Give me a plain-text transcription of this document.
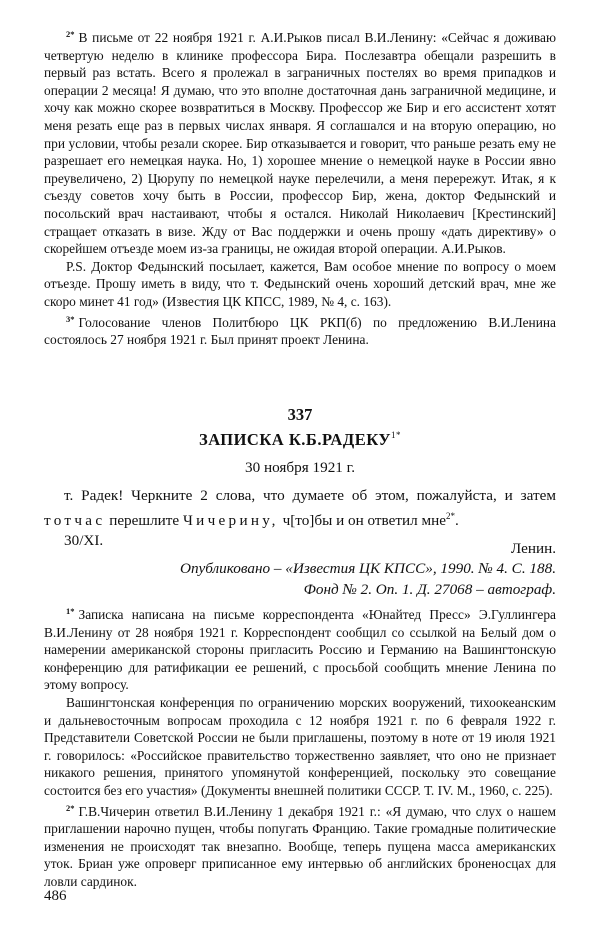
$^{2*}$ В письме от 22 ноября 1921 г. А.И.Рыков писал В.И.Ленину: «Сейчас я доживаю четвертую неделю в клинике профессора Бира. Послезавтра обещали разрешить в первый раз встать. Всего я пролежал в заграничных постелях во время припадков и операции 2 месяца! Я думаю, что это вполне достаточная дань заграничной медицине, и хочу как можно скорее возвратиться в Москву. Профессор же Бир и его ассистент хотят меня резать еще раз в первых числах января. Я соглашался и на вторую операцию, но при условии, чтобы резали скорее. Бир отказывается и говорит, что раньше резать ему не разрешает его немецкая наука. Но, 1) хорошее мнение о немецкой науке в России явно преувеличено, 2) Цюрупу по немецкой науке перелечили, а меня перережут. Итак, я к съезду советов хочу быть в России, профессор Бир, жена, доктор Федынский и посольский врач настаивают, чтобы я остался. Николай Николаевич [Крестинский] стращает отказать в визе. Жду от Вас поддержки и очень прошу «дать директиву» о скорейшем отъезде моем из-за границы, не ожидая второй операции. А.И.Рыков.

P.S. Доктор Федынский посылает, кажется, Вам особое мнение по вопросу о моем отъезде. Прошу иметь в виду, что т. Федынский очень хороший детский врач, мне же скоро минет 41 год» (Известия ЦК КПСС, 1989, № 4, с. 163).

$^{3*}$ Голосование членов Политбюро ЦК РКП(б) по предложению В.И.Ленина состоялось 27 ноября 1921 г. Был принят проект Ленина.

337
ЗАПИСКА $К.Б.РАДЕКУ^{1*}$
30 ноября 1921 г.

т. Радек! Черкните 2 слова, что думаете об этом, пожалуйста, и затем тотчас перешлите Чичерину, ч[то]бы и он ответил мне$^{2*}$.

30/XI.	Ленин.
Опубликовано – «Известия ЦК КПСС», 1990. № 4. С. 188.
Фонд № 2. Оп. 1. Д. 27068 – автограф.

$^{1*}$ Записка написана на письме корреспондента «Юнайтед Пресс» Э.Гуллингера В.И.Ленину от 28 ноября 1921 г. Корреспондент сообщил со ссылкой на Белый дом о намерении американской стороны пригласить Россию и Германию на Вашингтонскую конференцию для ратификации ее решений, с просьбой сообщить мнение Ленина по этому вопросу.

Вашингтонская конференция по ограничению морских вооружений, тихоокеанским и дальневосточным вопросам проходила с 12 ноября 1921 г. по 6 февраля 1922 г. Представители Советской России не были приглашены, поэтому в ноте от 19 июля 1921 г. говорилось: «Российское правительство торжественно заявляет, что оно не признает никакого решения, принятого упомянутой конференцией, поскольку это совещание состоится без его участия» (Документы внешней политики СССР. Т. IV. М., 1960, с. 225).

$^{2*}$ Г.В.Чичерин ответил В.И.Ленину 1 декабря 1921 г.: «Я думаю, что слух о нашем приглашении нарочно пущен, чтобы попугать Францию. Такие громадные политические изменения не происходят так внезапно. Вообще, теперь пущена масса американских уток. Бриан уже опроверг приписанное ему интервью об английских броненосцах для ловли сардинок.

486
